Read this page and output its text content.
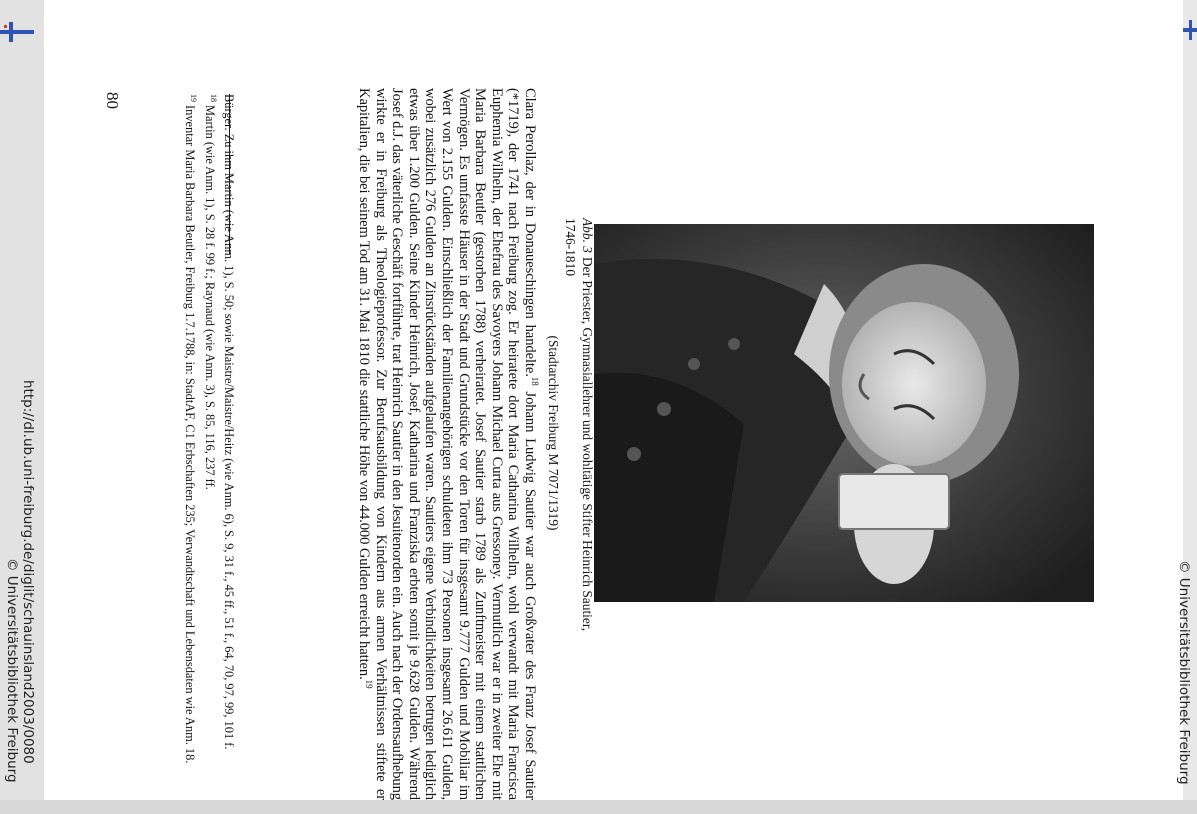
Abb. 3Der Priester, Gymnasiallehrer und wohltätige Stifter Heinrich Sautier, 1746-1810
(Stadtarchiv Freiburg M 7071/1319)

Clara Perollaz, der in Donaueschingen handelte.$^{18}$ Johann Ludwig Sautier war auch Großvater des Franz Josef Sautier (*1719), der 1741 nach Freiburg zog. Er heiratete dort Maria Catharina Wilhelm, wohl verwandt mit Maria Francisca Euphemia Wilhelm, der Ehefrau des Savoyers Johann Michael Curta aus Gressoney. Vermutlich war er in zweiter Ehe mit Maria Barbara Beutler (gestorben 1788) verheiratet. Josef Sautier starb 1789 als Zunftmeister mit einem stattlichen Vermögen. Es umfasste Häuser in der Stadt und Grundstücke vor den Toren für insgesamt 9.777 Gulden und Mobiliar im Wert von 2.155 Gulden. Einschließlich der Familienangehörigen schuldeten ihm 73 Personen insgesamt 26.611 Gulden, wobei zusätzlich 276 Gulden an Zinsrückständen aufgelaufen waren. Sautiers eigene Verbindlichkeiten betrugen lediglich etwas über 1.200 Gulden. Seine Kinder Heinrich, Josef, Katharina und Franziska erbten somit je 9.628 Gulden. Während Josef d.J. das väterliche Geschäft fortführte, trat Heinrich Sautier in den Jesuitenorden ein. Auch nach der Ordensaufhebung wirkte er in Freiburg als Theologieprofessor. Zur Berufsausbildung von Kindern aus armen Verhältnissen stiftete er Kapitalien, die bei seinem Tod am 31. Mai 1810 die stattliche Höhe von 44.000 Gulden erreicht hatten.$^{19}$

Bürger. Zu ihm Martin (wie Anm. 1), S. 50; sowie Maistre/Maistre/Heitz (wie Anm. 6), S. 9, 31 f., 45 ff., 51 f., 64, 70, 97, 99, 101 f.

$^{18}$Martin (wie Anm. 1), S. 28 f. 99 f.; Raynaud (wie Anm. 3), S. 85, 116, 237 ff.

$^{19}$Inventar Maria Barbara Beutler, Freiburg 1.7.1788, in: StadtAF, C1 Erbschaften 235; Verwandtschaft und Lebensdaten wie Anm. 18.

80
http://dl.ub.uni-freiburg.de/diglit/schauinsland2003/0080
© Universitätsbibliothek Freiburg	© Universitätsbibliothek Freiburg
